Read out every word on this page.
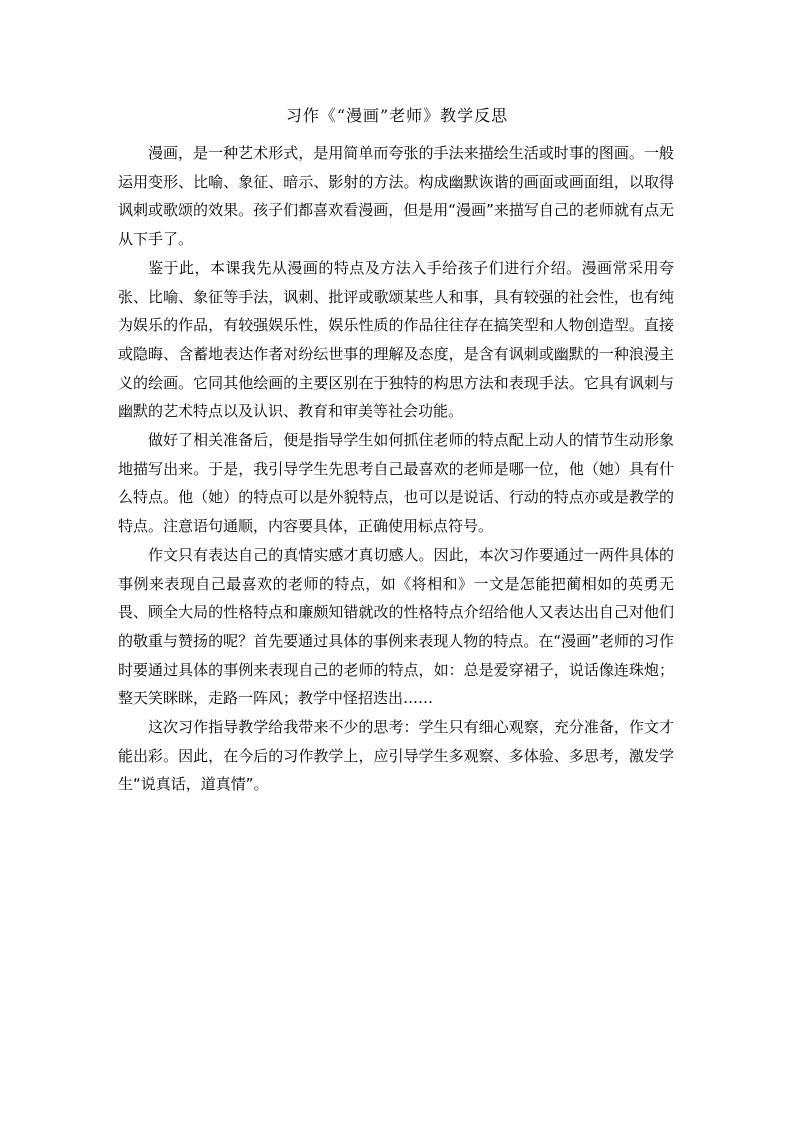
习作《“漫画”老师》教学反思

漫画，是一种艺术形式，是用简单而夸张的手法来描绘生活或时事的图画。一般运用变形、比喻、象征、暗示、影射的方法。构成幽默诙谐的画面或画面组，以取得讽刺或歌颂的效果。孩子们都喜欢看漫画，但是用“漫画”来描写自己的老师就有点无从下手了。

鉴于此，本课我先从漫画的特点及方法入手给孩子们进行介绍。漫画常采用夸张、比喻、象征等手法，讽刺、批评或歌颂某些人和事，具有较强的社会性，也有纯为娱乐的作品，有较强娱乐性，娱乐性质的作品往往存在搞笑型和人物创造型。直接或隐晦、含蓄地表达作者对纷纭世事的理解及态度，是含有讽刺或幽默的一种浪漫主义的绘画。它同其他绘画的主要区别在于独特的构思方法和表现手法。它具有讽刺与幽默的艺术特点以及认识、教育和审美等社会功能。

做好了相关准备后，便是指导学生如何抓住老师的特点配上动人的情节生动形象地描写出来。于是，我引导学生先思考自己最喜欢的老师是哪一位，他（她）具有什么特点。他（她）的特点可以是外貌特点，也可以是说话、行动的特点亦或是教学的特点。注意语句通顺，内容要具体，正确使用标点符号。

作文只有表达自己的真情实感才真切感人。因此，本次习作要通过一两件具体的事例来表现自己最喜欢的老师的特点，如《将相和》一文是怎能把蔺相如的英勇无畏、顾全大局的性格特点和廉颇知错就改的性格特点介绍给他人又表达出自己对他们的敬重与赞扬的呢？首先要通过具体的事例来表现人物的特点。在“漫画”老师的习作时要通过具体的事例来表现自己的老师的特点，如：总是爱穿裙子，说话像连珠炮；整天笑眯眯，走路一阵风；教学中怪招迭出……

这次习作指导教学给我带来不少的思考：学生只有细心观察，充分准备，作文才能出彩。因此，在今后的习作教学上，应引导学生多观察、多体验、多思考，激发学生“说真话，道真情”。
